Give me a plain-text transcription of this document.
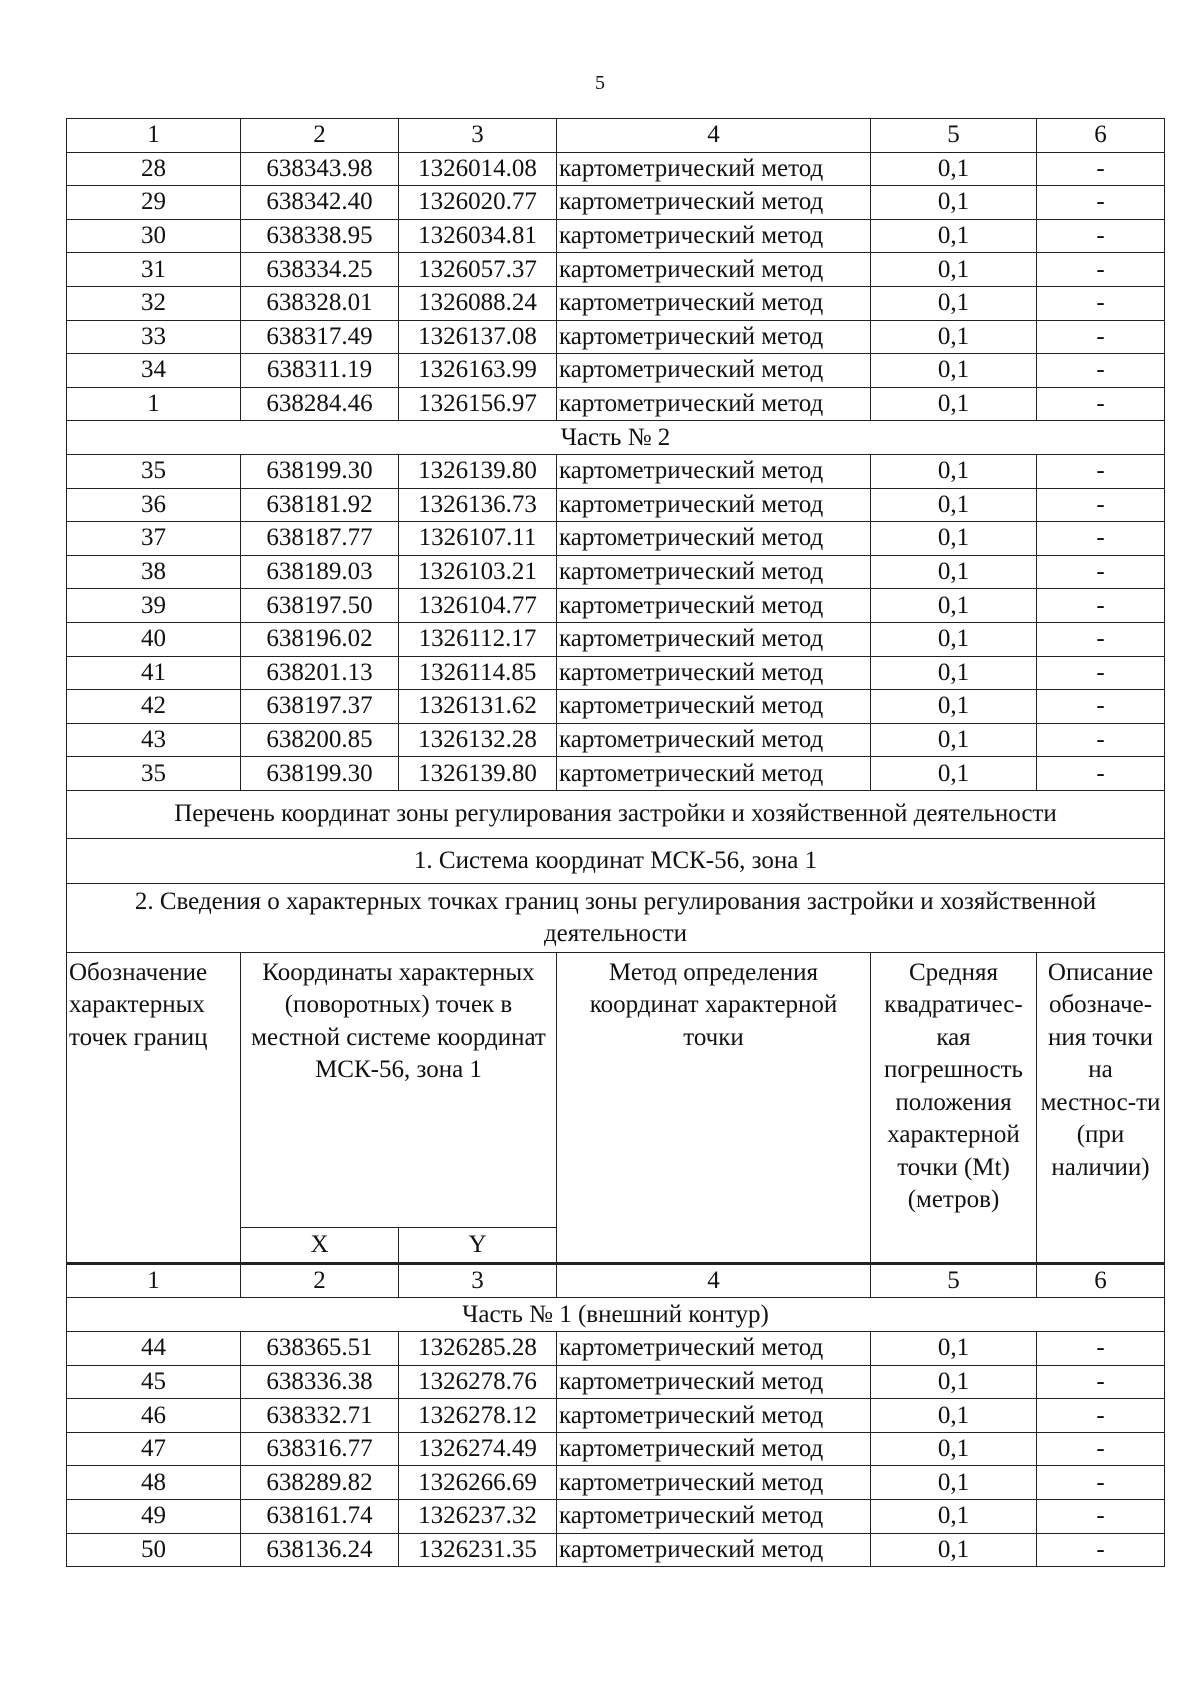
5
1	2	3	4	5	6
28	638343.98	1326014.08	картометрический метод	0,1	-
29	638342.40	1326020.77	картометрический метод	0,1	-
30	638338.95	1326034.81	картометрический метод	0,1	-
31	638334.25	1326057.37	картометрический метод	0,1	-
32	638328.01	1326088.24	картометрический метод	0,1	-
33	638317.49	1326137.08	картометрический метод	0,1	-
34	638311.19	1326163.99	картометрический метод	0,1	-
1	638284.46	1326156.97	картометрический метод	0,1	-
Часть № 2					
35	638199.30	1326139.80	картометрический метод	0,1	-
36	638181.92	1326136.73	картометрический метод	0,1	-
37	638187.77	1326107.11	картометрический метод	0,1	-
38	638189.03	1326103.21	картометрический метод	0,1	-
39	638197.50	1326104.77	картометрический метод	0,1	-
40	638196.02	1326112.17	картометрический метод	0,1	-
41	638201.13	1326114.85	картометрический метод	0,1	-
42	638197.37	1326131.62	картометрический метод	0,1	-
43	638200.85	1326132.28	картометрический метод	0,1	-
35	638199.30	1326139.80	картометрический метод	0,1	-
Перечень координат зоны регулирования застройки и хозяйственной деятельности					
1. Система координат МСК-56, зона 1					
2. Сведения о характерных точках границ зоны регулирования застройки и хозяйственной деятельности					
Обозначение характерных точек границ	Координаты характерных (поворотных) точек в местной системе координат МСК-56, зона 1		Метод определения координат характерной точки	Средняя квадратичес-кая погрешность положения характерной точки (Mt) (метров)	Описание обозначе-ния точки на местнос-ти (при наличии)
	X	Y			
1	2	3	4	5	6
Часть № 1 (внешний контур)					
44	638365.51	1326285.28	картометрический метод	0,1	-
45	638336.38	1326278.76	картометрический метод	0,1	-
46	638332.71	1326278.12	картометрический метод	0,1	-
47	638316.77	1326274.49	картометрический метод	0,1	-
48	638289.82	1326266.69	картометрический метод	0,1	-
49	638161.74	1326237.32	картометрический метод	0,1	-
50	638136.24	1326231.35	картометрический метод	0,1	-
